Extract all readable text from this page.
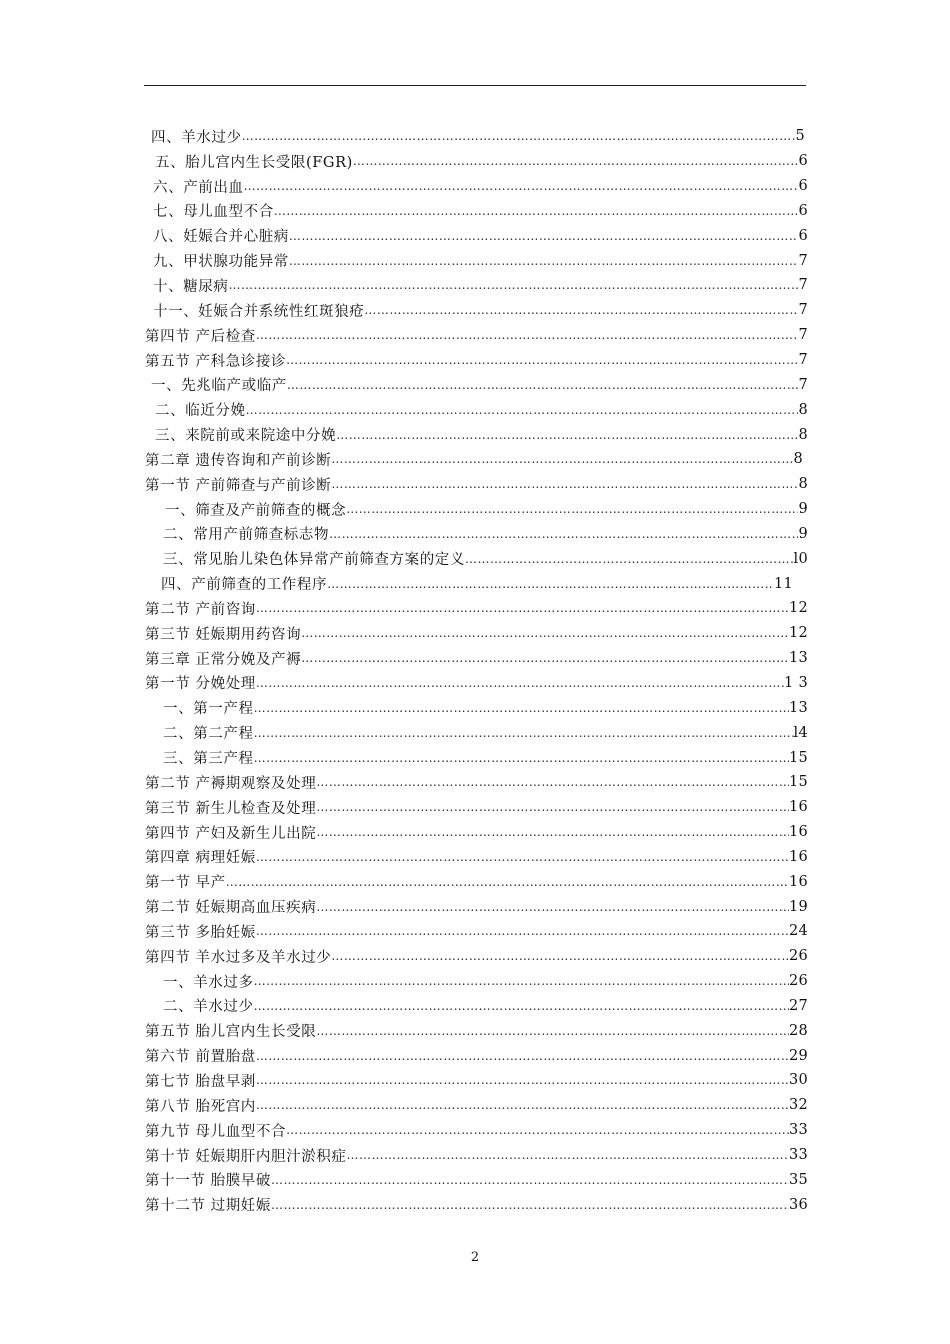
四、羊水过少 ……………………………………………………………………………………………………………………………………………………………………………………………………………………	5
五、胎儿宫内生长受限(FGR) ……………………………………………………………………………………………………………………………………………………………………………………………………………………	6
六、产前出血 ……………………………………………………………………………………………………………………………………………………………………………………………………………………	6
七、母儿血型不合 ……………………………………………………………………………………………………………………………………………………………………………………………………………………	6
八、妊娠合并心脏病 ……………………………………………………………………………………………………………………………………………………………………………………………………………………	6
九、甲状腺功能异常 ……………………………………………………………………………………………………………………………………………………………………………………………………………………	7
十、糖尿病 ……………………………………………………………………………………………………………………………………………………………………………………………………………………	7
十一、妊娠合并系统性红斑狼疮 ……………………………………………………………………………………………………………………………………………………………………………………………………………………	7
第四节 产后检查 ……………………………………………………………………………………………………………………………………………………………………………………………………………………	7
第五节 产科急诊接诊 ……………………………………………………………………………………………………………………………………………………………………………………………………………………	7
一、先兆临产或临产 ……………………………………………………………………………………………………………………………………………………………………………………………………………………	7
二、临近分娩 ……………………………………………………………………………………………………………………………………………………………………………………………………………………	8
三、来院前或来院途中分娩 ……………………………………………………………………………………………………………………………………………………………………………………………………………………	8
第二章 遗传咨询和产前诊断 ……………………………………………………………………………………………………………………………………………………………………………………………………………………	8
第一节 产前筛查与产前诊断 ……………………………………………………………………………………………………………………………………………………………………………………………………………………	8
一、筛查及产前筛查的概念 ……………………………………………………………………………………………………………………………………………………………………………………………………………………	9
二、常用产前筛查标志物 ……………………………………………………………………………………………………………………………………………………………………………………………………………………	9
三、常见胎儿染色体异常产前筛查方案的定义 ……………………………………………………………………………………………………………………………………………………………………………………………………………………	l0
四、产前筛查的工作程序 ……………………………………………………………………………………………………………………………………………………………………………………………………………………	11
第二节 产前咨询 ……………………………………………………………………………………………………………………………………………………………………………………………………………………	12
第三节 妊娠期用药咨询 ……………………………………………………………………………………………………………………………………………………………………………………………………………………	12
第三章 正常分娩及产褥 ……………………………………………………………………………………………………………………………………………………………………………………………………………………	13
第一节 分娩处理 ……………………………………………………………………………………………………………………………………………………………………………………………………………………	1 3
一、第一产程 ……………………………………………………………………………………………………………………………………………………………………………………………………………………	13
二、第二产程 ……………………………………………………………………………………………………………………………………………………………………………………………………………………	l4
三、第三产程 ……………………………………………………………………………………………………………………………………………………………………………………………………………………	15
第二节 产褥期观察及处理 ……………………………………………………………………………………………………………………………………………………………………………………………………………………	15
第三节 新生儿检查及处理 ……………………………………………………………………………………………………………………………………………………………………………………………………………………	16
第四节 产妇及新生儿出院 ……………………………………………………………………………………………………………………………………………………………………………………………………………………	16
第四章 病理妊娠 ……………………………………………………………………………………………………………………………………………………………………………………………………………………	16
第一节 早产 ……………………………………………………………………………………………………………………………………………………………………………………………………………………	16
第二节 妊娠期高血压疾病 ……………………………………………………………………………………………………………………………………………………………………………………………………………………	19
第三节 多胎妊娠 ……………………………………………………………………………………………………………………………………………………………………………………………………………………	24
第四节 羊水过多及羊水过少 ……………………………………………………………………………………………………………………………………………………………………………………………………………………	26
一、羊水过多 ……………………………………………………………………………………………………………………………………………………………………………………………………………………	26
二、羊水过少 ……………………………………………………………………………………………………………………………………………………………………………………………………………………	27
第五节 胎儿宫内生长受限 ……………………………………………………………………………………………………………………………………………………………………………………………………………………	28
第六节 前置胎盘 ……………………………………………………………………………………………………………………………………………………………………………………………………………………	29
第七节 胎盘早剥 ……………………………………………………………………………………………………………………………………………………………………………………………………………………	30
第八节 胎死宫内 ……………………………………………………………………………………………………………………………………………………………………………………………………………………	32
第九节 母儿血型不合 ……………………………………………………………………………………………………………………………………………………………………………………………………………………	33
第十节 妊娠期肝内胆汁淤积症 ……………………………………………………………………………………………………………………………………………………………………………………………………………………	33
第十一节 胎膜早破 ……………………………………………………………………………………………………………………………………………………………………………………………………………………	35
第十二节 过期妊娠 ……………………………………………………………………………………………………………………………………………………………………………………………………………………	36
2
